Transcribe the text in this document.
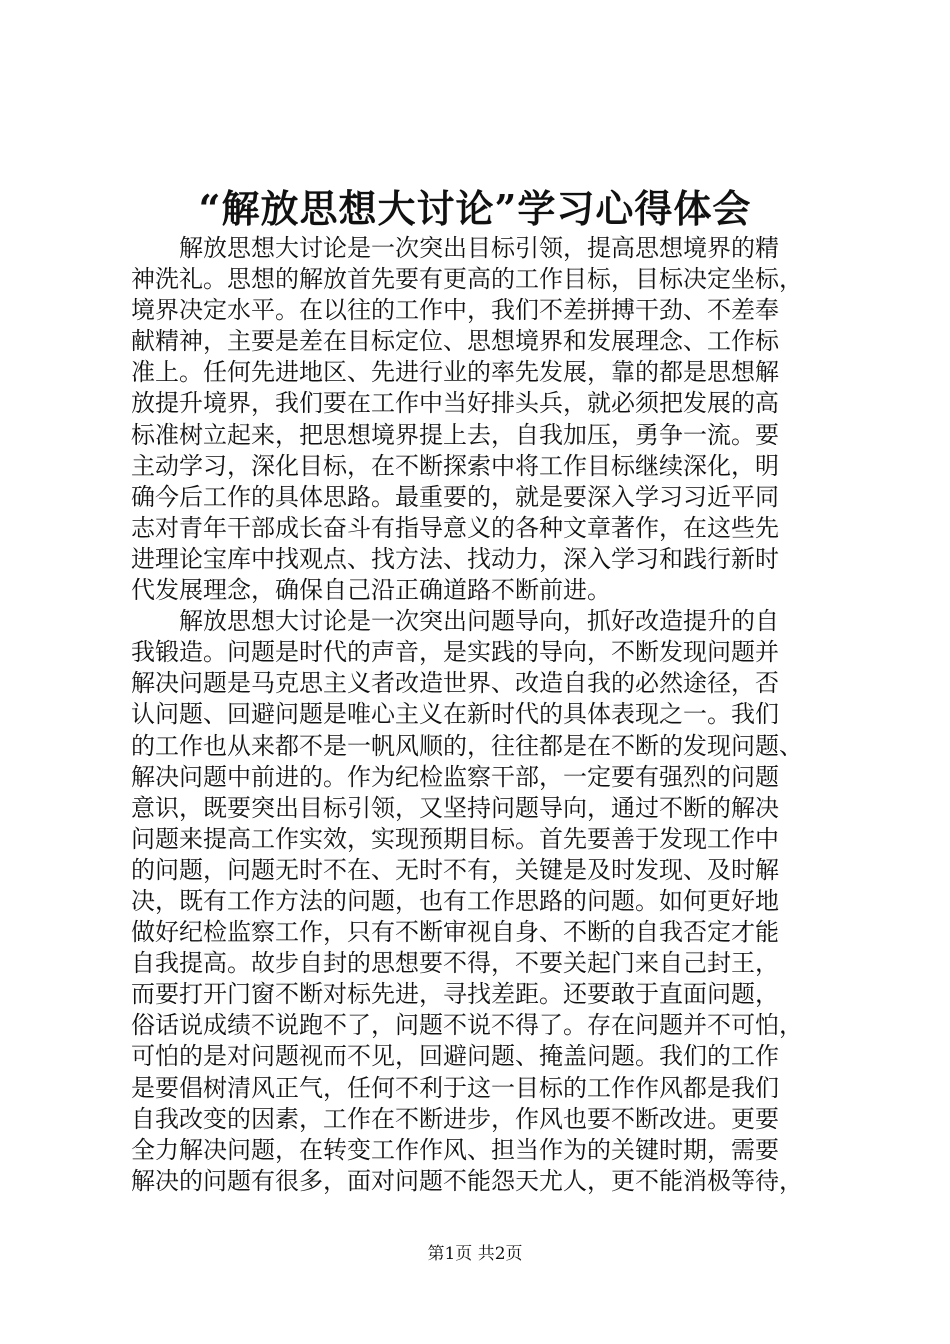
“解放思想大讨论”学习心得体会
解放思想大讨论是一次突出目标引领，提高思想境界的精
神洗礼。思想的解放首先要有更高的工作目标，目标决定坐标，
境界决定水平。在以往的工作中，我们不差拼搏干劲、不差奉
献精神，主要是差在目标定位、思想境界和发展理念、工作标
准上。任何先进地区、先进行业的率先发展，靠的都是思想解
放提升境界，我们要在工作中当好排头兵，就必须把发展的高
标准树立起来，把思想境界提上去，自我加压，勇争一流。要
主动学习，深化目标，在不断探索中将工作目标继续深化，明
确今后工作的具体思路。最重要的，就是要深入学习习近平同
志对青年干部成长奋斗有指导意义的各种文章著作，在这些先
进理论宝库中找观点、找方法、找动力，深入学习和践行新时
代发展理念，确保自己沿正确道路不断前进。
解放思想大讨论是一次突出问题导向，抓好改造提升的自
我锻造。问题是时代的声音，是实践的导向，不断发现问题并
解决问题是马克思主义者改造世界、改造自我的必然途径，否
认问题、回避问题是唯心主义在新时代的具体表现之一。我们
的工作也从来都不是一帆风顺的，往往都是在不断的发现问题、
解决问题中前进的。作为纪检监察干部，一定要有强烈的问题
意识，既要突出目标引领，又坚持问题导向，通过不断的解决
问题来提高工作实效，实现预期目标。首先要善于发现工作中
的问题，问题无时不在、无时不有，关键是及时发现、及时解
决，既有工作方法的问题，也有工作思路的问题。如何更好地
做好纪检监察工作，只有不断审视自身、不断的自我否定才能
自我提高。故步自封的思想要不得，不要关起门来自己封王，
而要打开门窗不断对标先进，寻找差距。还要敢于直面问题，
俗话说成绩不说跑不了，问题不说不得了。存在问题并不可怕，
可怕的是对问题视而不见，回避问题、掩盖问题。我们的工作
是要倡树清风正气，任何不利于这一目标的工作作风都是我们
自我改变的因素，工作在不断进步，作风也要不断改进。更要
全力解决问题，在转变工作作风、担当作为的关键时期，需要
解决的问题有很多，面对问题不能怨天尤人，更不能消极等待，
第1页 共2页
